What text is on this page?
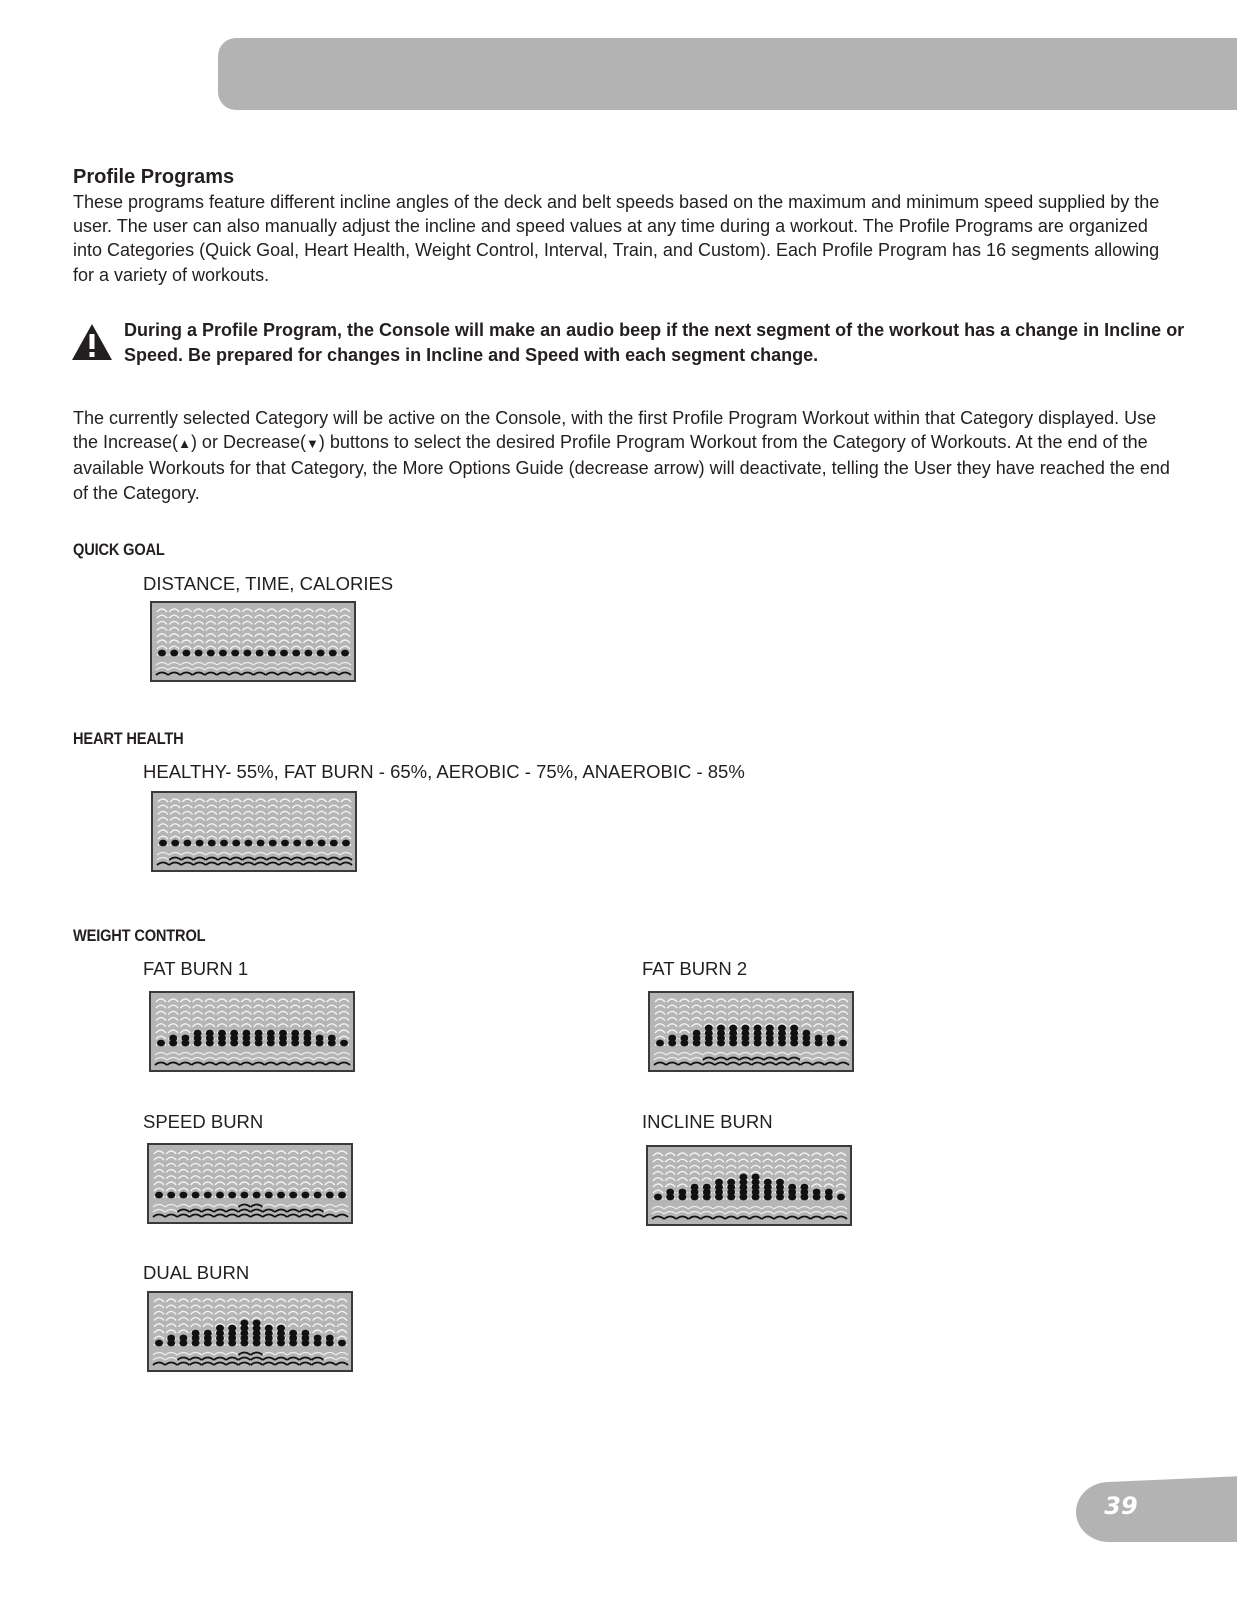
Profile Programs

These programs feature different incline angles of the deck and belt speeds based on the maximum and minimum speed supplied by the user. The user can also manually adjust the incline and speed values at any time during a workout. The Profile Programs are organized into Categories (Quick Goal, Heart Health, Weight Control, Interval, Train, and Custom). Each Profile Program has 16 segments allowing for a variety of workouts.

During a Profile Program, the Console will make an audio beep if the next segment of the workout has a change in Incline or Speed. Be prepared for changes in Incline and Speed with each segment change.

The currently selected Category will be active on the Console, with the first Profile Program Workout within that Category displayed. Use the Increase(▲) or Decrease(▼) buttons to select the desired Profile Program Workout from the Category of Workouts. At the end of the available Workouts for that Category, the More Options Guide (decrease arrow) will deactivate, telling the User they have reached the end of the Category.

QUICK GOAL

DISTANCE, TIME, CALORIES

HEART HEALTH

HEALTHY- 55%, FAT BURN - 65%, AEROBIC - 75%, ANAEROBIC - 85%

WEIGHT CONTROL

FAT BURN 1	FAT BURN 2

SPEED BURN	INCLINE BURN

DUAL BURN

39
